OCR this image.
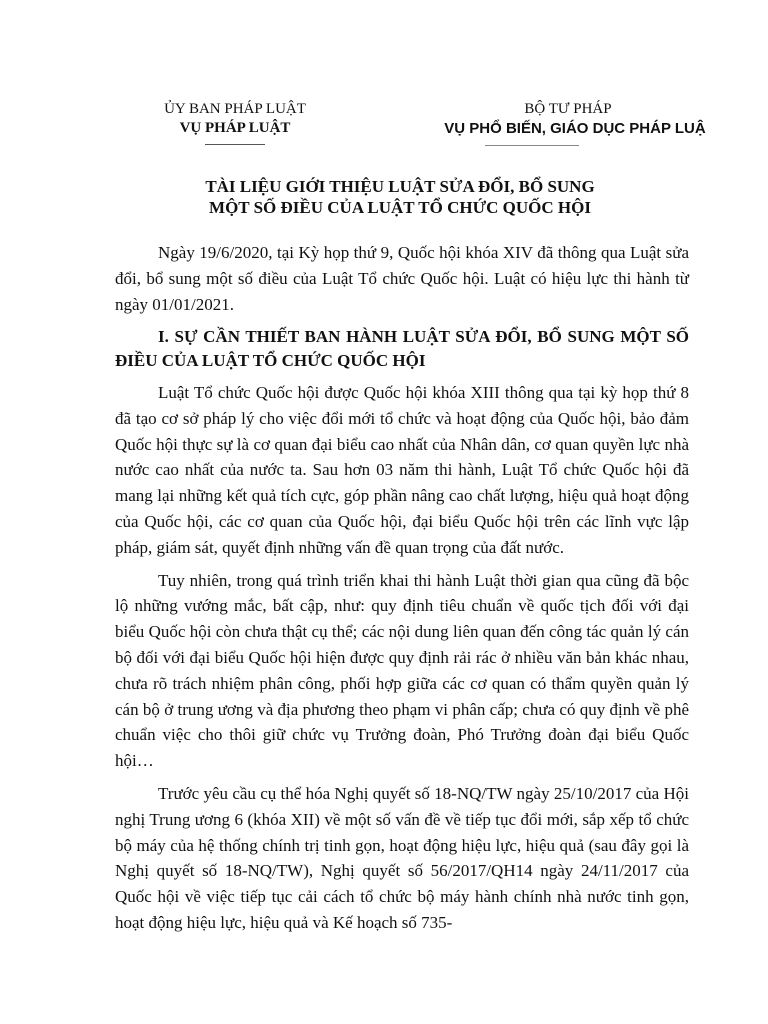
ỦY BAN PHÁP LUẬT
VỤ PHÁP LUẬT
BỘ TƯ PHÁP
VỤ PHỔ BIẾN, GIÁO DỤC PHÁP LUẬ
TÀI LIỆU GIỚI THIỆU LUẬT SỬA ĐỔI, BỔ SUNG
MỘT SỐ ĐIỀU CỦA LUẬT TỔ CHỨC QUỐC HỘI

Ngày 19/6/2020, tại Kỳ họp thứ 9, Quốc hội khóa XIV đã thông qua Luật sửa đổi, bổ sung một số điều của Luật Tổ chức Quốc hội. Luật có hiệu lực thi hành từ ngày 01/01/2021.

I. SỰ CẦN THIẾT BAN HÀNH LUẬT SỬA ĐỔI, BỔ SUNG MỘT SỐ ĐIỀU CỦA LUẬT TỔ CHỨC QUỐC HỘI

Luật Tổ chức Quốc hội được Quốc hội khóa XIII thông qua tại kỳ họp thứ 8 đã tạo cơ sở pháp lý cho việc đổi mới tổ chức và hoạt động của Quốc hội, bảo đảm Quốc hội thực sự là cơ quan đại biểu cao nhất của Nhân dân, cơ quan quyền lực nhà nước cao nhất của nước ta. Sau hơn 03 năm thi hành, Luật Tổ chức Quốc hội đã mang lại những kết quả tích cực, góp phần nâng cao chất lượng, hiệu quả hoạt động của Quốc hội, các cơ quan của Quốc hội, đại biểu Quốc hội trên các lĩnh vực lập pháp, giám sát, quyết định những vấn đề quan trọng của đất nước.

Tuy nhiên, trong quá trình triển khai thi hành Luật thời gian qua cũng đã bộc lộ những vướng mắc, bất cập, như: quy định tiêu chuẩn về quốc tịch đối với đại biểu Quốc hội còn chưa thật cụ thể; các nội dung liên quan đến công tác quản lý cán bộ đối với đại biểu Quốc hội hiện được quy định rải rác ở nhiều văn bản khác nhau, chưa rõ trách nhiệm phân công, phối hợp giữa các cơ quan có thẩm quyền quản lý cán bộ ở trung ương và địa phương theo phạm vi phân cấp; chưa có quy định về phê chuẩn việc cho thôi giữ chức vụ Trưởng đoàn, Phó Trưởng đoàn đại biểu Quốc hội…

Trước yêu cầu cụ thể hóa Nghị quyết số 18-NQ/TW ngày 25/10/2017 của Hội nghị Trung ương 6 (khóa XII) về một số vấn đề về tiếp tục đổi mới, sắp xếp tổ chức bộ máy của hệ thống chính trị tinh gọn, hoạt động hiệu lực, hiệu quả (sau đây gọi là Nghị quyết số 18-NQ/TW), Nghị quyết số 56/2017/QH14 ngày 24/11/2017 của Quốc hội về việc tiếp tục cải cách tổ chức bộ máy hành chính nhà nước tinh gọn, hoạt động hiệu lực, hiệu quả và Kế hoạch số 735-
